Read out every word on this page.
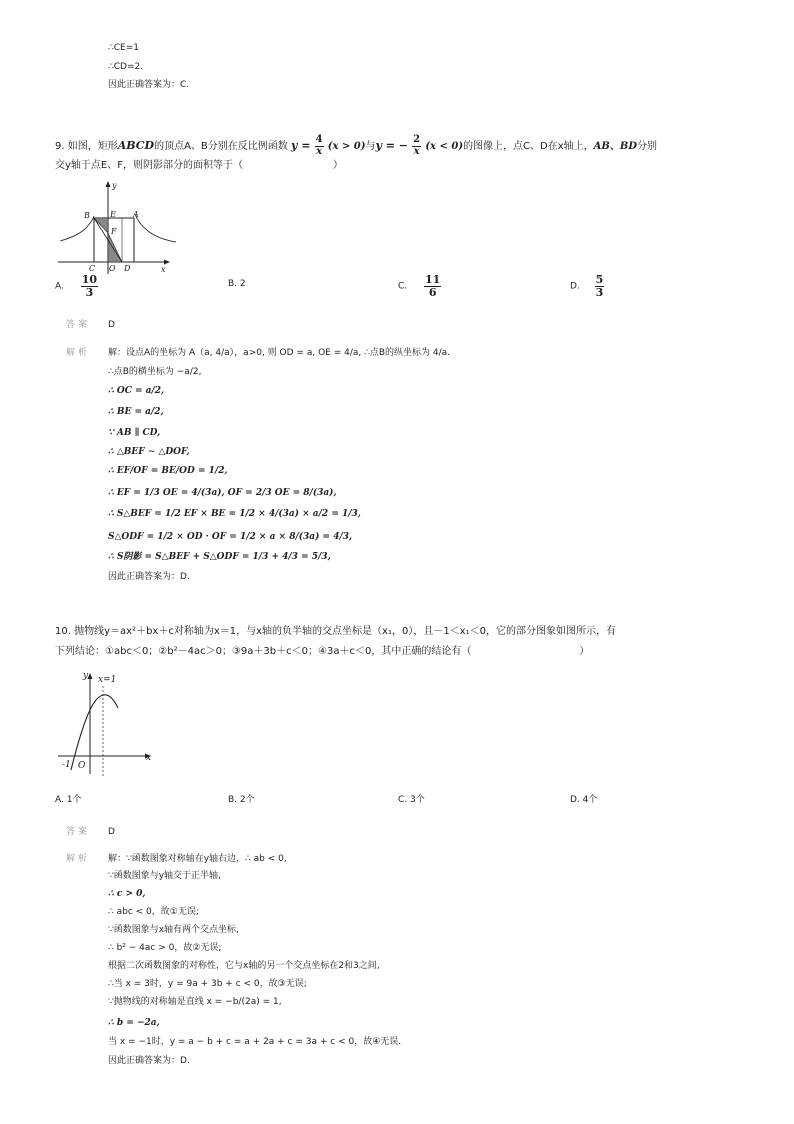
∴CE=1
∴CD=2.
因此正确答案为：C.
9. 如图，矩形ABCD的顶点A、B分别在反比例函数 $y = \frac{4}{x} (x > 0)$与y = − $\frac{2}{x} (x < 0)$的图像上，点C、D在x轴上，AB、BD分别
交y轴于点E、F，则阴影部分的面积等于（	）
y
x
B	E A
F
C O D
A. $\frac{10}{3}$	B. 2	C. $\frac{11}{6}$	D. $\frac{5}{3}$
答案 D
解析 解：设点A的坐标为 A（a, 4/a），a>0, 则 OD = a, OE = 4/a, ∴点B的纵坐标为 4/a.
∴点B的横坐标为 −a/2,
∴ OC = a/2,
∴ BE = a/2,
∵ AB ∥ CD,
∴ △BEF ∼ △DOF,
∴ EF/OF = BE/OD = 1/2,
∴ EF = 1/3 OE = 4/(3a), OF = 2/3 OE = 8/(3a),
∴ S△BEF = 1/2 EF × BE = 1/2 × 4/(3a) × a/2 = 1/3,
S△ODF = 1/2 × OD · OF = 1/2 × a × 8/(3a) = 4/3,
∴ S阴影 = S△BEF + S△ODF = 1/3 + 4/3 = 5/3,
因此正确答案为：D.
10. 抛物线y＝ax²＋bx＋c对称轴为x＝1，与x轴的负半轴的交点坐标是（x₁，0），且－1＜x₁＜0，它的部分图象如图所示，有
下列结论：①abc＜0；②b²－4ac＞0；③9a＋3b＋c＜0；④3a＋c＜0，其中正确的结论有（	）
y x=1
x
-1 O
A. 1个	B. 2个	C. 3个	D. 4个
答案 D
解析 解：∵函数图象对称轴在y轴右边，∴ ab < 0,
∵函数图象与y轴交于正半轴,
∴ c > 0,
∴ abc < 0，故①无误;
∵函数图象与x轴有两个交点坐标,
∴ b² − 4ac > 0，故②无误;
根据二次函数图象的对称性，它与x轴的另一个交点坐标在2和3之间,
∴当 x = 3时，y = 9a + 3b + c < 0，故③无误;
∵抛物线的对称轴是直线 x = −b/(2a) = 1,
∴ b = −2a,
当 x = −1时，y = a − b + c = a + 2a + c = 3a + c < 0，故④无误.
因此正确答案为：D.
